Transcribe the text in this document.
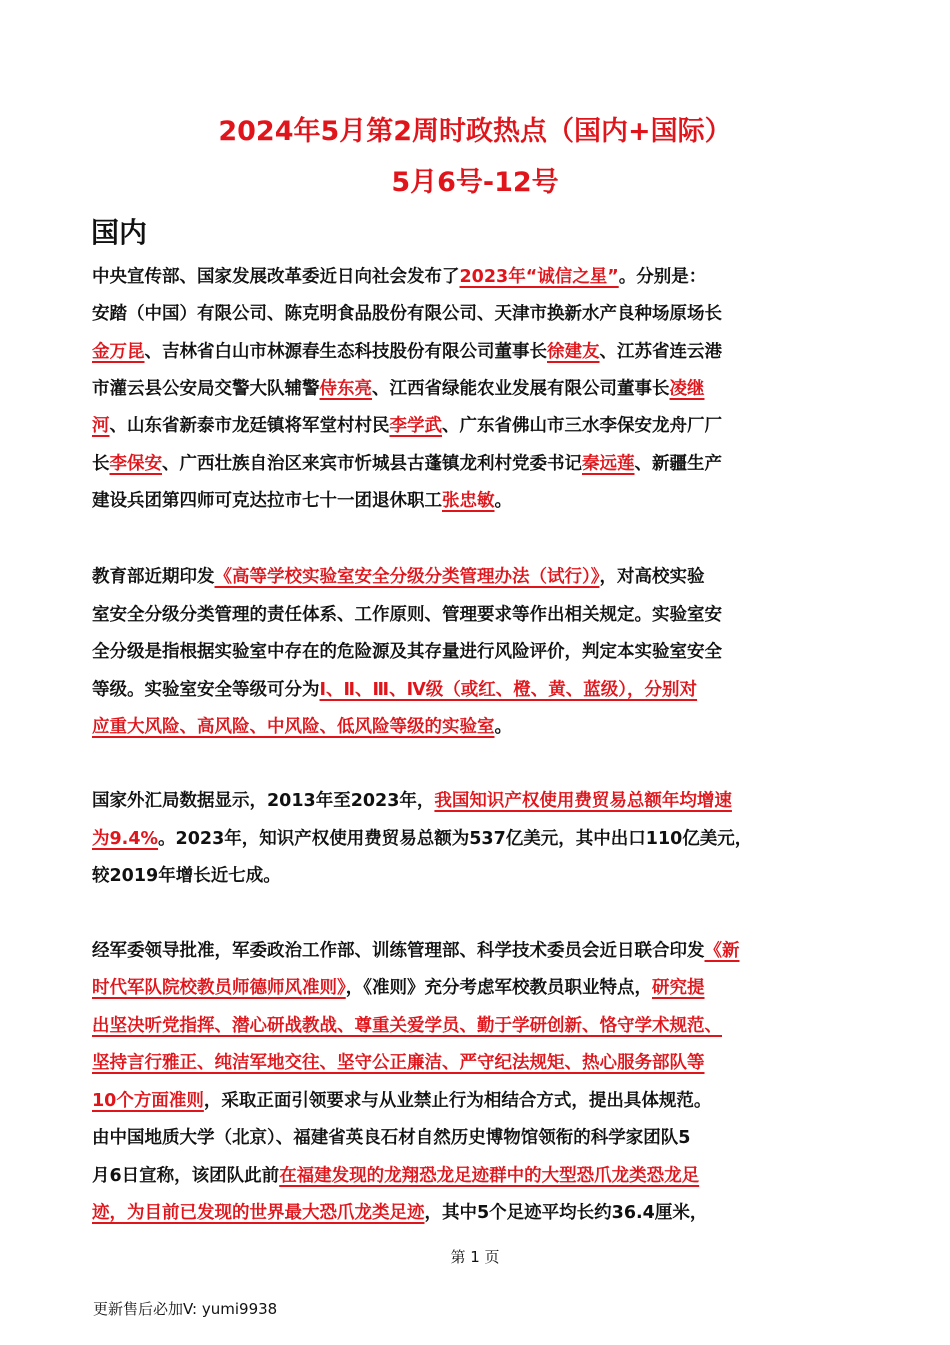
2024年5月第2周时政热点（国内+国际）
5月6号-12号
国内
中央宣传部、国家发展改革委近日向社会发布了2023年“诚信之星”。分别是：
安踏（中国）有限公司、陈克明食品股份有限公司、天津市换新水产良种场原场长
金万昆、吉林省白山市林源春生态科技股份有限公司董事长徐建友、江苏省连云港
市灌云县公安局交警大队辅警侍东亮、江西省绿能农业发展有限公司董事长凌继
河、山东省新泰市龙廷镇将军堂村村民李学武、广东省佛山市三水李保安龙舟厂厂
长李保安、广西壮族自治区来宾市忻城县古蓬镇龙利村党委书记秦远莲、新疆生产
建设兵团第四师可克达拉市七十一团退休职工张忠敏。
教育部近期印发《高等学校实验室安全分级分类管理办法（试行）》，对高校实验
室安全分级分类管理的责任体系、工作原则、管理要求等作出相关规定。实验室安
全分级是指根据实验室中存在的危险源及其存量进行风险评价，判定本实验室安全
等级。实验室安全等级可分为Ⅰ、Ⅱ、Ⅲ、Ⅳ级（或红、橙、黄、蓝级），分别对
应重大风险、高风险、中风险、低风险等级的实验室。
国家外汇局数据显示，2013年至2023年，我国知识产权使用费贸易总额年均增速
为9.4%。2023年，知识产权使用费贸易总额为537亿美元，其中出口110亿美元，
较2019年增长近七成。
经军委领导批准，军委政治工作部、训练管理部、科学技术委员会近日联合印发《新
时代军队院校教员师德师风准则》，《准则》充分考虑军校教员职业特点，研究提
出坚决听党指挥、潜心研战教战、尊重关爱学员、勤于学研创新、恪守学术规范、
坚持言行雅正、纯洁军地交往、坚守公正廉洁、严守纪法规矩、热心服务部队等
10个方面准则，采取正面引领要求与从业禁止行为相结合方式，提出具体规范。
由中国地质大学（北京）、福建省英良石材自然历史博物馆领衔的科学家团队5
月6日宣称，该团队此前在福建发现的龙翔恐龙足迹群中的大型恐爪龙类恐龙足
迹，为目前已发现的世界最大恐爪龙类足迹，其中5个足迹平均长约36.4厘米，
第 1 页
更新售后必加V: yumi9938
